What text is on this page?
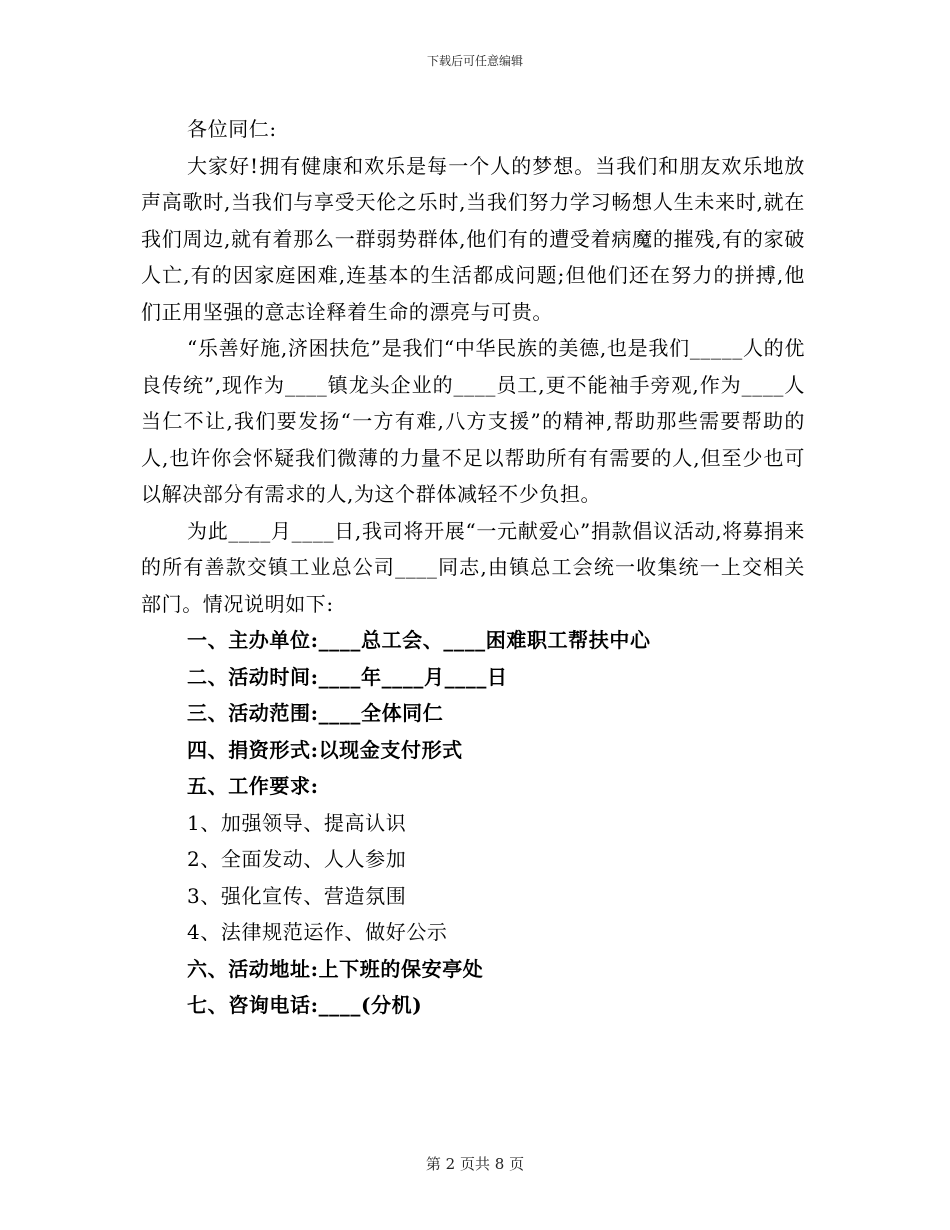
下载后可任意编辑

各位同仁:

大家好!拥有健康和欢乐是每一个人的梦想。当我们和朋友欢乐地放声高歌时,当我们与享受天伦之乐时,当我们努力学习畅想人生未来时,就在我们周边,就有着那么一群弱势群体,他们有的遭受着病魔的摧残,有的家破人亡,有的因家庭困难,连基本的生活都成问题;但他们还在努力的拼搏,他们正用坚强的意志诠释着生命的漂亮与可贵。

“乐善好施,济困扶危”是我们“中华民族的美德,也是我们_____人的优良传统”,现作为____镇龙头企业的____员工,更不能袖手旁观,作为____人当仁不让,我们要发扬“一方有难,八方支援”的精神,帮助那些需要帮助的人,也许你会怀疑我们微薄的力量不足以帮助所有有需要的人,但至少也可以解决部分有需求的人,为这个群体减轻不少负担。

为此____月____日,我司将开展“一元献爱心”捐款倡议活动,将募捐来的所有善款交镇工业总公司____同志,由镇总工会统一收集统一上交相关部门。情况说明如下:

一、主办单位:____总工会、____困难职工帮扶中心

二、活动时间:____年____月____日

三、活动范围:____全体同仁

四、捐资形式:以现金支付形式

五、工作要求:

1、加强领导、提高认识

2、全面发动、人人参加

3、强化宣传、营造氛围

4、法律规范运作、做好公示

六、活动地址:上下班的保安亭处

七、咨询电话:____(分机)

第 2 页共 8 页
